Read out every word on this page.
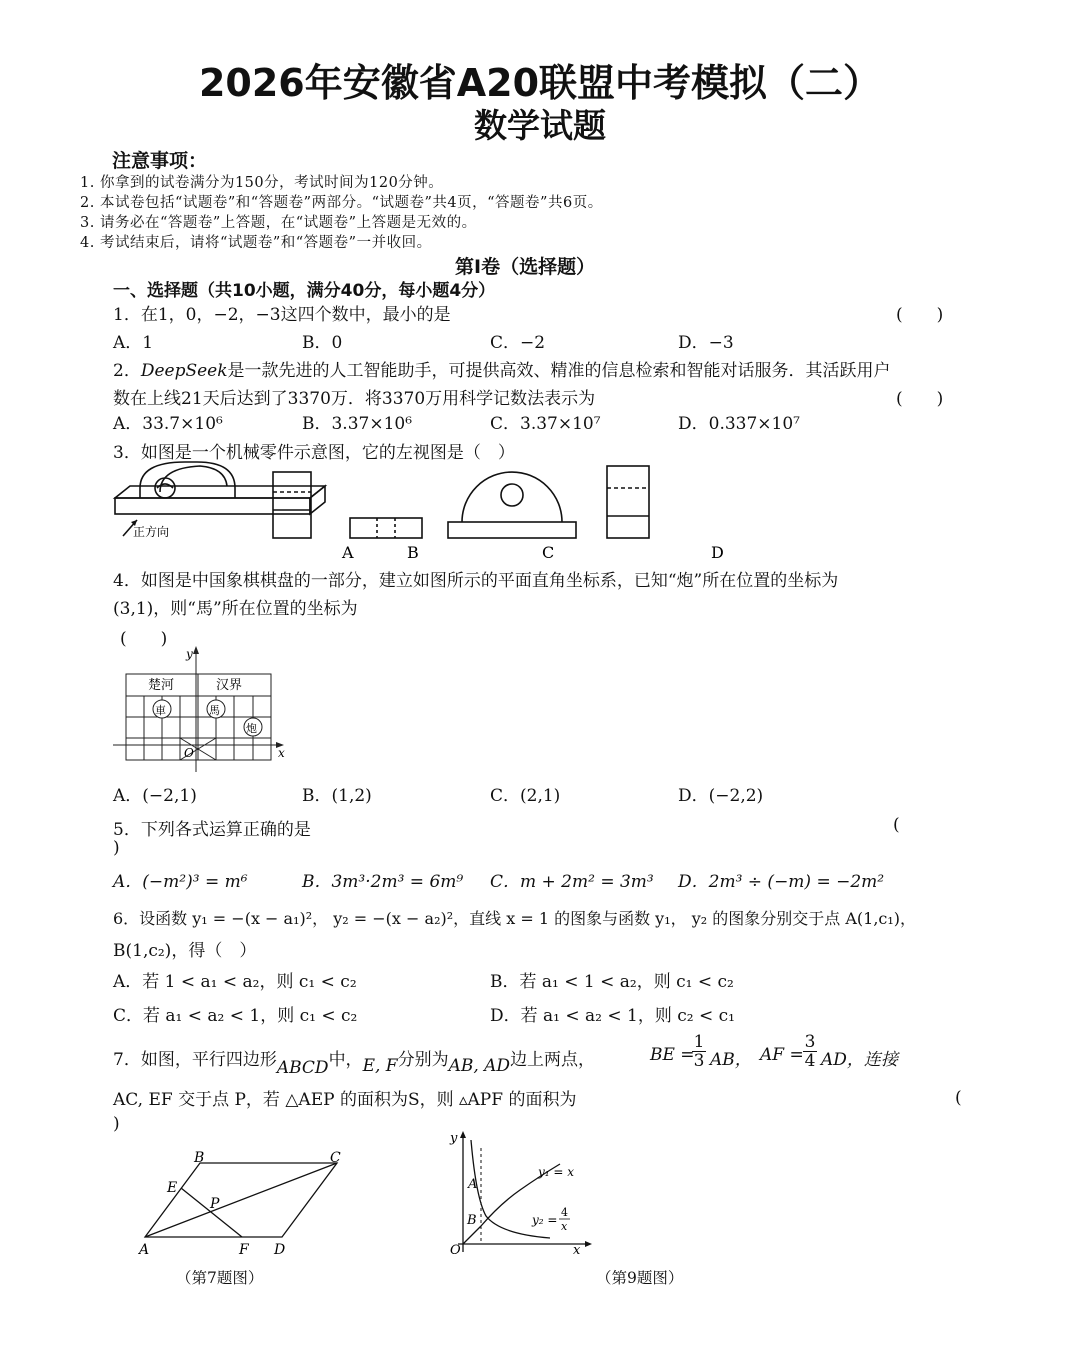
2026年安徽省A20联盟中考模拟（二）
数学试题
注意事项：
1. 你拿到的试卷满分为150分，考试时间为120分钟。
2. 本试卷包括“试题卷”和“答题卷”两部分。“试题卷”共4页，“答题卷”共6页。
3. 请务必在“答题卷”上答题，在“试题卷”上答题是无效的。
4. 考试结束后，请将“试题卷”和“答题卷”一并收回。
第Ⅰ卷（选择题）
一、选择题（共10小题，满分40分，每小题4分）
1．在1，0，−2，−3这四个数中，最小的是	(　　)
A．1	B．0	C．−2	D．−3
2．DeepSeek是一款先进的人工智能助手，可提供高效、精准的信息检索和智能对话服务．其活跃用户
数在上线21天后达到了3370万．将3370万用科学记数法表示为	(　　)
A．33.7×10⁶	B．3.37×10⁶	C．3.37×10⁷	D．0.337×10⁷
3．如图是一个机械零件示意图，它的左视图是（　）
正方向
A	B	C	D
4．如图是中国象棋棋盘的一部分，建立如图所示的平面直角坐标系，已知“炮”所在位置的坐标为
(3,1)，则“馬”所在位置的坐标为
(　　)
y
x
O
楚河	汉界
車	馬
炮
A．(−2,1)	B．(1,2)	C．(2,1)	D．(−2,2)
5．下列各式运算正确的是	(
)
A．(−m²)³ = m⁶	B．3m³·2m³ = 6m⁹ C．m + 2m² = 3m³ D．2m³ ÷ (−m) = −2m²
6．设函数 y₁ = −(x − a₁)²， y₂ = −(x − a₂)²，直线 x = 1 的图象与函数 y₁， y₂ 的图象分别交于点 A(1,c₁)，
B(1,c₂)，得（　）
A．若 1 < a₁ < a₂，则 c₁ < c₂	B．若 a₁ < 1 < a₂，则 c₁ < c₂
C．若 a₁ < a₂ < 1，则 c₁ < c₂	D．若 a₁ < a₂ < 1，则 c₂ < c₁
7．如图，平行四边形ABCD中，E, F分别为AB, AD边上两点，	BE =
$\frac{1}{3}$ AB， AF = $\frac{3}{4}$ AD，连接
AC, EF 交于点 P，若 △AEP 的面积为S，则 ▵APF 的面积为	(
)
B	C
E
P
A	F D
（第7题图）
y
A
B
O	x
y₁ = x
y₂ =
4
x
（第9题图）
